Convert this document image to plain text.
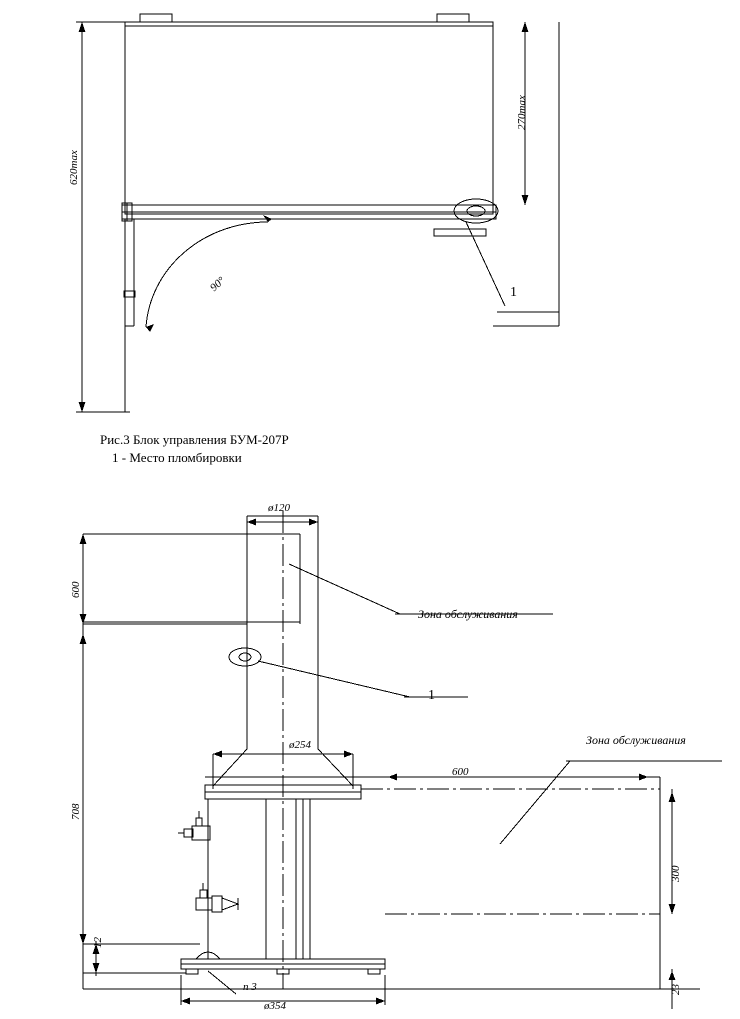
620max
270max
90°	1
Рис.3 Блок управления БУМ-207Р
1 - Место пломбировки
ø120
ø254
ø354
n 3
600
708
12
600
300
23
Зона обслуживания
Зона обслуживания
1
